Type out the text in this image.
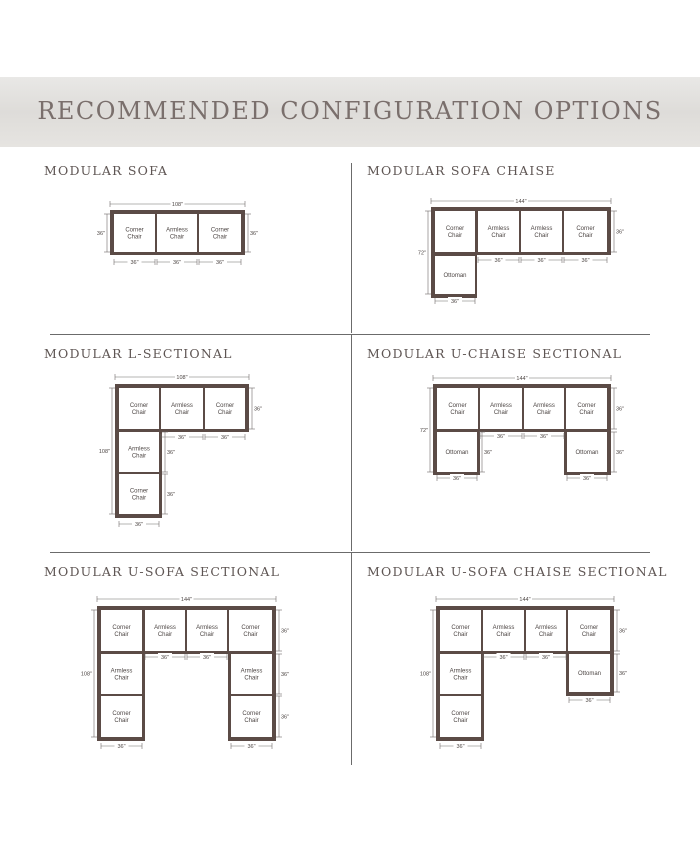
RECOMMENDED CONFIGURATION OPTIONS
MODULAR SOFA	MODULAR SOFA CHAISE
MODULAR L-SECTIONAL	MODULAR U-CHAISE SECTIONAL
MODULAR U-SOFA SECTIONAL	MODULAR U-SOFA CHAISE SECTIONAL
Corner
Chair
Armless
Chair
Corner
Chair
108"
36"	36"
36"	36"	36"
Corner
Chair
Armless
Chair
Armless
Chair
Corner
Chair
Ottoman
144"
72"
36"
36"	36"	36"
36"
Corner
Chair
Armless
Chair
Corner
Chair
Armless
Chair
Corner
Chair
108"
108"
36"
36"	36"
36"
36"
36"
Corner
Chair
Armless
Chair
Armless
Chair
Corner
Chair
Ottoman	Ottoman
144"
72"
36"
36"	36"
36"	36"
36"	36"
Corner
Chair
Armless
Chair
Armless
Chair
Corner
Chair
Armless
Chair
Corner
Chair
Armless
Chair
Corner
Chair
144"
108"
36"
36"
36"
36"	36"
36"	36"
Corner
Chair
Armless
Chair
Armless
Chair
Corner
Chair
Armless
Chair
Corner
Chair
Ottoman
144"
108"
36"
36"
36"	36"
36"
36"
